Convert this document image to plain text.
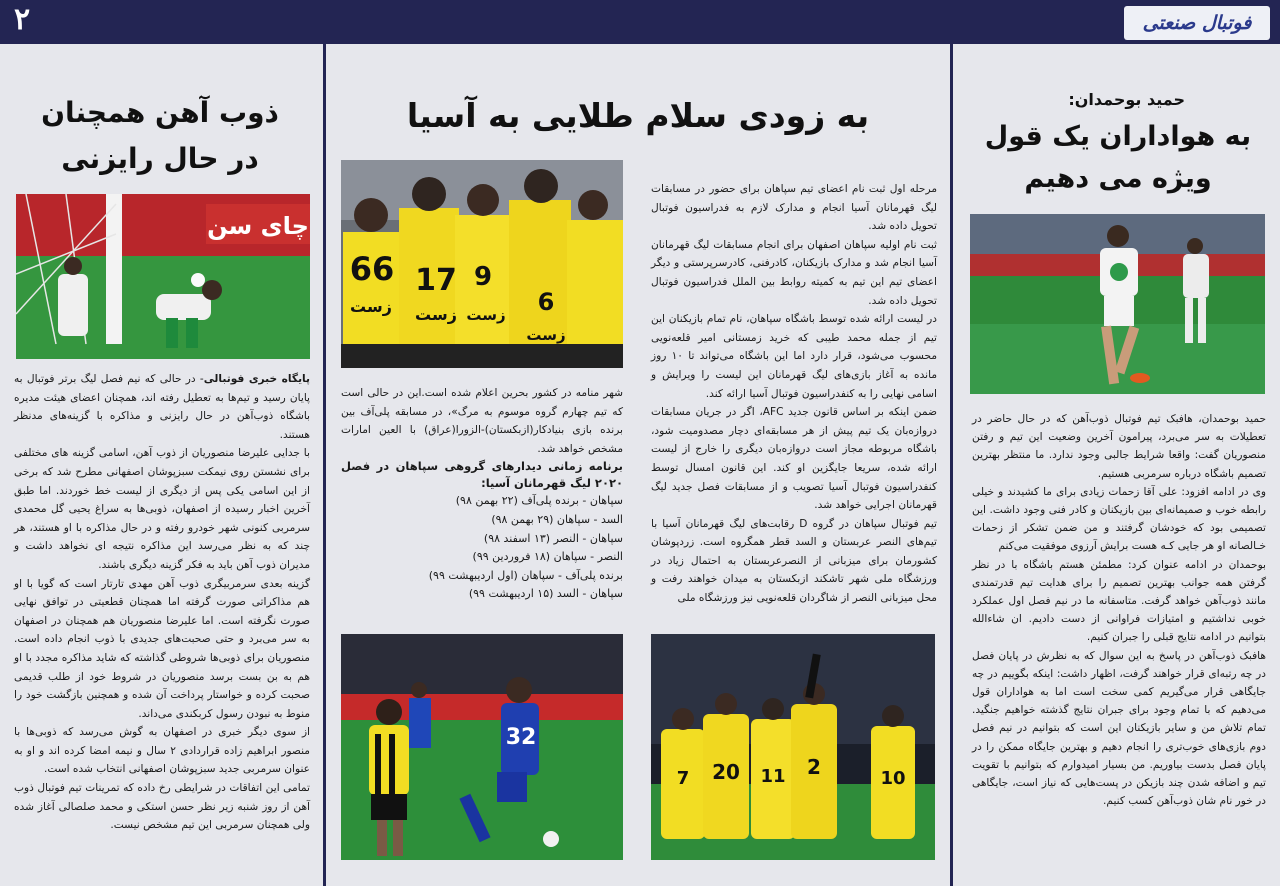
۲	فوتبال صنعتی
حمید بوحمدان:
به هواداران یک قول
ویژه می دهیم

حمید بوحمدان، هافبک تیم فوتبال ذوب‌آهن که در حال حاضر در تعطیلات به سر می‌برد، پیرامون آخرین وضعیت این تیم و رفتن منصوریان گفت: واقعا شرایط جالبی وجود ندارد. ما منتظر بهترین تصمیم باشگاه درباره سرمربی هستیم.

وی در ادامه افزود: علی آقا زحمات زیادی برای ما کشیدند و خیلی رابطه خوب و صمیمانه‌ای بین بازیکنان و کادر فنی وجود داشت. این تصمیمی بود که خودشان گرفتند و من ضمن تشکر از زحمات خـالصانه او هر جایی کـه هست برایش آرزوی موفقیت می‌کنم

بوحمدان در ادامه عنوان کرد: مطمئن هستم باشگاه با در نظر گرفتن همه جوانب بهترین تصمیم را برای هدایت تیم قدرتمندی مانند ذوب‌آهن خواهد گرفت. متاسفانه ما در نیم فصل اول عملکرد خوبی نداشتیم و امتیازات فراوانی از دست دادیم. ان شاءالله بتوانیم در ادامه نتایج قبلی را جبران کنیم.

هافبک ذوب‌آهن در پاسخ به این سوال که به نظرش در پایان فصل در چه رتبه‌ای قرار خواهند گرفت، اظهار داشت: اینکه بگوییم در چه جایگاهی قرار می‌گیریم کمی سخت است اما به هواداران قول می‌دهیم که با تمام وجود برای جبران نتایج گذشته خواهیم جنگید. تمام تلاش من و سایر بازیکنان این است که بتوانیم در نیم فصل دوم بازی‌های خوب‌تری را انجام دهیم و بهترین جایگاه ممکن را در پایان فصل بدست بیاوریم. من بسیار امیدوارم که بتوانیم با تقویت تیم و اضافه شدن چند بازیکن در پست‌هایی که نیاز است، جایگاهی در خور نام شان ذوب‌آهن کسب کنیم.

به زودی سلام طلایی به آسیا
66
زست
17
زست
9
زست 6
زست

مرحله اول ثبت نام اعضای تیم سپاهان برای حضور در مسابقات لیگ قهرمانان آسیا انجام و مدارک لازم به فدراسیون فوتبال تحویل داده شد.

ثبت نام اولیه سپاهان اصفهان برای انجام مسابقات لیگ قهرمانان آسیا انجام شد و مدارک بازیکنان، کادرفنی، کادرسرپرستی و دیگر اعضای تیم این تیم به کمیته روابط بین الملل فدراسیون فوتبال تحویل داده شد.

در لیست ارائه شده توسط باشگاه سپاهان، نام تمام بازیکنان این تیم از جمله محمد طیبی که خرید زمستانی امیر قلعه‌نویی محسوب می‌شود، قرار دارد اما این باشگاه می‌تواند تا ۱۰ روز مانده به آغاز بازی‌های لیگ قهرمانان این لیست را ویرایش و اسامی نهایی را به کنفدراسیون فوتبال آسیا ارائه کند.

ضمن اینکه بر اساس قانون جدید AFC، اگر در جریان مسابقات دروازه‌بان یک تیم پیش از هر مسابقه‌ای دچار مصدومیت شود، باشگاه مربوطه مجاز است دروازه‌بان دیگری را خارج از لیست ارائه شده، سریعا جایگزین او کند. این قانون امسال توسط کنفدراسیون فوتبال آسیا تصویب و از مسابقات فصل جدید لیگ قهرمانان اجرایی خواهد شد.

تیم فوتبال سپاهان در گروه D رقابت‌های لیگ قهرمانان آسیا با تیم‌های النصر عربستان و السد قطر همگروه است. زردپوشان کشورمان برای میزبانی از النصرعربستان به احتمال زیاد در ورزشگاه ملی شهر تاشکند ازبکستان به میدان خواهند رفت و محل میزبانی النصر از شاگردان قلعه‌نویی نیز ورزشگاه ملی

شهر منامه در کشور بحرین اعلام شده است.این در حالی است که تیم چهارم گروه موسوم به مرگ»، در مسابقه پلی‌آف بین برنده بازی بنیادکار(ازبکستان)-الزورا(عراق) با العین امارات مشخص خواهد شد.

برنامه زمانی دیدارهای گروهی سپاهان در فصل ۲۰۲۰ لیگ قهرمانان آسیا:

سپاهان - برنده پلی‌آف (۲۲ بهمن ۹۸)
السد - سپاهان (۲۹ بهمن ۹۸)
سپاهان - النصر (۱۳ اسفند ۹۸)
النصر - سپاهان (۱۸ فروردین ۹۹)
برنده پلی‌آف - سپاهان (اول اردیبهشت ۹۹)
سپاهان - السد (۱۵ اردیبهشت ۹۹)
32
7 20 11 2	10
ذوب آهن همچنان
در حال رایزنی
چای سن

پایگاه خبری فوتبالی- در حالی که نیم فصل لیگ برتر فوتبال به پایان رسید و تیم‌ها به تعطیل رفته اند، همچنان اعضای هیئت مدیره باشگاه ذوب‌آهن در حال رایزنی و مذاکره با گزینه‌های مدنظر هستند.

با جدایی علیرضا منصوریان از ذوب آهن، اسامی گزینه های مختلفی برای نشستن روی نیمکت سبزپوشان اصفهانی مطرح شد که برخی از این اسامی یکی پس از دیگری از لیست خط خوردند. اما طبق آخرین اخبار رسیده از اصفهان، ذوبی‌ها به سراغ یحیی گل محمدی سرمربی کنونی شهر خودرو رفته و در حال مذاکره با او هستند، هر چند که به نظر می‌رسد این مذاکره نتیجه ای نخواهد داشت و مدیران ذوب آهن باید به فکر گزینه دیگری باشند.

گزینه بعدی سرمربیگری ذوب آهن مهدی تارتار است که گویا با او هم مذاکراتی صورت گرفته اما همچنان قطعیتی در توافق نهایی صورت نگرفته است. اما علیرضا منصوریان هم همچنان در اصفهان به سر می‌برد و حتی صحبت‌های جدیدی با ذوب انجام داده است. منصوریان برای ذوبی‌ها شروطی گذاشته که شاید مذاکره مجدد با او هم به بن بست برسد منصوریان در شروط خود از طلب قدیمی صحبت کرده و خواستار پرداخت آن شده و همچنین بازگشت خود را منوط به نبودن رسول کربکندی می‌داند.

از سوی دیگر خبری در اصفهان به گوش می‌رسد که ذوبی‌ها با منصور ابراهیم زاده قراردادی ۲ سال و نیمه امضا کرده اند و او به عنوان سرمربی جدید سبزپوشان اصفهانی انتخاب شده است.

تمامی این اتفاقات در شرایطی رخ داده که تمرینات تیم فوتبال ذوب آهن از روز شنبه زیر نظر حسن استکی و محمد صلصالی آغاز شده ولی همچنان سرمربی این تیم مشخص نیست.
